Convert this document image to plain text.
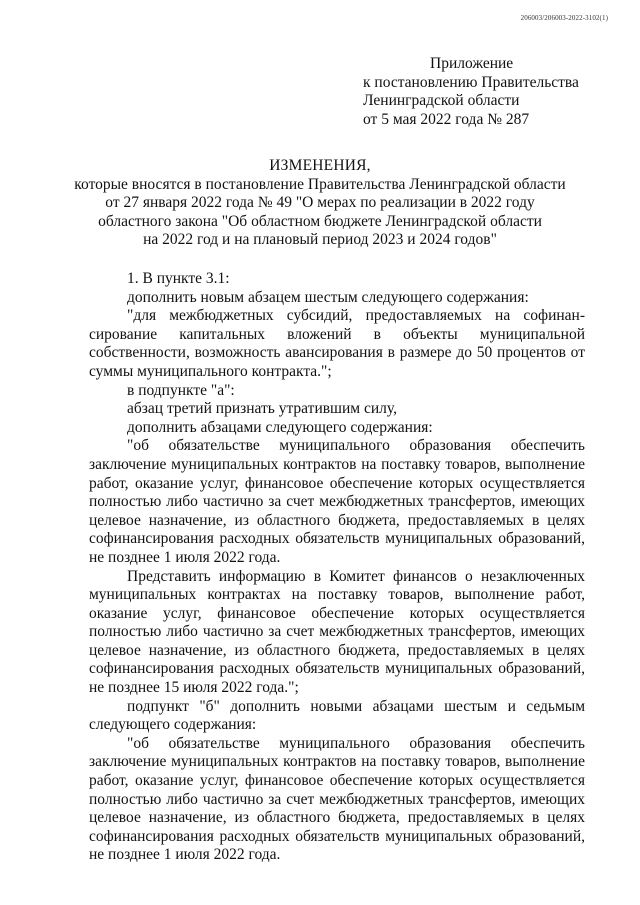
206003/206003-2022-3102(1)
Приложение
к постановлению Правительства
Ленинградской области
от 5 мая 2022 года № 287
ИЗМЕНЕНИЯ,
которые вносятся в постановление Правительства Ленинградской области
от 27 января 2022 года № 49 "О мерах по реализации в 2022 году
областного закона "Об областном бюджете Ленинградской области
на 2022 год и на плановый период 2023 и 2024 годов"

1. В пункте 3.1:

дополнить новым абзацем шестым следующего содержания:

"для межбюджетных субсидий, предоставляемых на софинан- сирование капитальных вложений в объекты муниципальной собственности, возможность авансирования в размере до 50 процентов от суммы муниципального контракта.";

в подпункте "а":

абзац третий признать утратившим силу,

дополнить абзацами следующего содержания:

"об обязательстве муниципального образования обеспечить заключение муниципальных контрактов на поставку товаров, выполнение работ, оказание услуг, финансовое обеспечение которых осуществляется полностью либо частично за счет межбюджетных трансфертов, имеющих целевое назначение, из областного бюджета, предоставляемых в целях софинансирования расходных обязательств муниципальных образований, не позднее 1 июля 2022 года.

Представить информацию в Комитет финансов о незаключенных муниципальных контрактах на поставку товаров, выполнение работ, оказание услуг, финансовое обеспечение которых осуществляется полностью либо частично за счет межбюджетных трансфертов, имеющих целевое назначение, из областного бюджета, предоставляемых в целях софинансирования расходных обязательств муниципальных образований, не позднее 15 июля 2022 года.";

подпункт "б" дополнить новыми абзацами шестым и седьмым следующего содержания:

"об обязательстве муниципального образования обеспечить заключение муниципальных контрактов на поставку товаров, выполнение работ, оказание услуг, финансовое обеспечение которых осуществляется полностью либо частично за счет межбюджетных трансфертов, имеющих целевое назначение, из областного бюджета, предоставляемых в целях софинансирования расходных обязательств муниципальных образований, не позднее 1 июля 2022 года.
